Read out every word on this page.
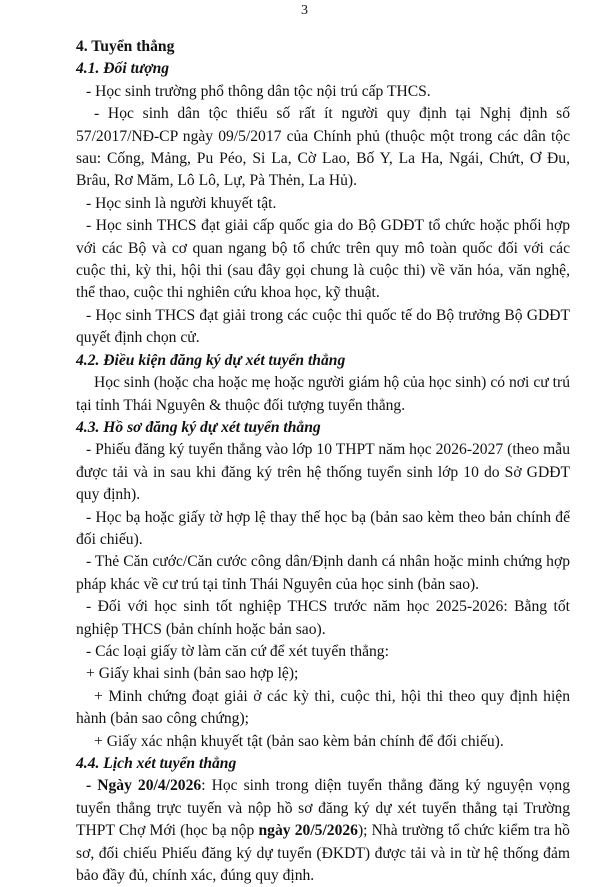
3

4. Tuyển thẳng

4.1. Đối tượng

- Học sinh trường phổ thông dân tộc nội trú cấp THCS.

- Học sinh dân tộc thiểu số rất ít người quy định tại Nghị định số 57/2017/NĐ-CP ngày 09/5/2017 của Chính phủ (thuộc một trong các dân tộc sau: Cống, Mảng, Pu Péo, Si La, Cờ Lao, Bố Y, La Ha, Ngái, Chứt, Ơ Đu, Brâu, Rơ Măm, Lô Lô, Lự, Pà Thẻn, La Hủ).

- Học sinh là người khuyết tật.

- Học sinh THCS đạt giải cấp quốc gia do Bộ GDĐT tổ chức hoặc phối hợp với các Bộ và cơ quan ngang bộ tổ chức trên quy mô toàn quốc đối với các cuộc thi, kỳ thi, hội thi (sau đây gọi chung là cuộc thi) về văn hóa, văn nghệ, thể thao, cuộc thi nghiên cứu khoa học, kỹ thuật.

- Học sinh THCS đạt giải trong các cuộc thi quốc tế do Bộ trưởng Bộ GDĐT quyết định chọn cử.

4.2. Điều kiện đăng ký dự xét tuyển thẳng

Học sinh (hoặc cha hoặc mẹ hoặc người giám hộ của học sinh) có nơi cư trú tại tỉnh Thái Nguyên & thuộc đối tượng tuyển thẳng.

4.3. Hồ sơ đăng ký dự xét tuyển thẳng

- Phiếu đăng ký tuyển thẳng vào lớp 10 THPT năm học 2026-2027 (theo mẫu được tải và in sau khi đăng ký trên hệ thống tuyển sinh lớp 10 do Sở GDĐT quy định).

- Học bạ hoặc giấy tờ hợp lệ thay thế học bạ (bản sao kèm theo bản chính để đối chiếu).

- Thẻ Căn cước/Căn cước công dân/Định danh cá nhân hoặc minh chứng hợp pháp khác về cư trú tại tỉnh Thái Nguyên của học sinh (bản sao).

- Đối với học sinh tốt nghiệp THCS trước năm học 2025-2026: Bằng tốt nghiệp THCS (bản chính hoặc bản sao).

- Các loại giấy tờ làm căn cứ để xét tuyển thẳng:

+ Giấy khai sinh (bản sao hợp lệ);

+ Minh chứng đoạt giải ở các kỳ thi, cuộc thi, hội thi theo quy định hiện hành (bản sao công chứng);

+ Giấy xác nhận khuyết tật (bản sao kèm bản chính để đối chiếu).

4.4. Lịch xét tuyển thẳng

- Ngày 20/4/2026: Học sinh trong diện tuyển thẳng đăng ký nguyện vọng tuyển thẳng trực tuyến và nộp hồ sơ đăng ký dự xét tuyển thẳng tại Trường THPT Chợ Mới (học bạ nộp ngày 20/5/2026); Nhà trường tổ chức kiểm tra hồ sơ, đối chiếu Phiếu đăng ký dự tuyển (ĐKDT) được tải và in từ hệ thống đảm bảo đầy đủ, chính xác, đúng quy định.
